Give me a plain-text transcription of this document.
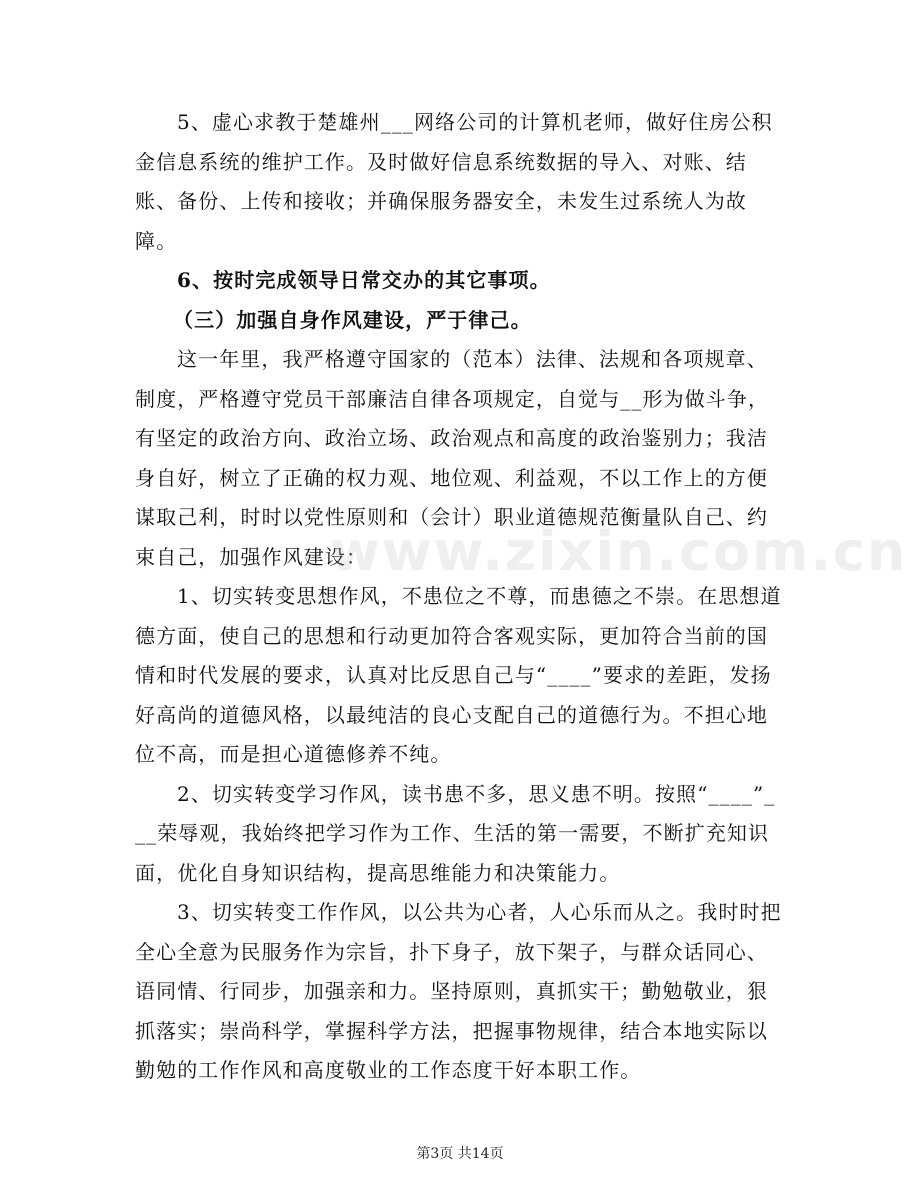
5、虚心求教于楚雄州___网络公司的计算机老师，做好住房公积金信息系统的维护工作。及时做好信息系统数据的导入、对账、结账、备份、上传和接收；并确保服务器安全，未发生过系统人为故障。

6、按时完成领导日常交办的其它事项。

（三）加强自身作风建设，严于律己。

这一年里，我严格遵守国家的（范本）法律、法规和各项规章、制度，严格遵守党员干部廉洁自律各项规定，自觉与__形为做斗争，有坚定的政治方向、政治立场、政治观点和高度的政治鉴别力；我洁身自好，树立了正确的权力观、地位观、利益观，不以工作上的方便谋取己利，时时以党性原则和（会计）职业道德规范衡量队自己、约束自己，加强作风建设：

1、切实转变思想作风，不患位之不尊，而患德之不崇。在思想道德方面，使自己的思想和行动更加符合客观实际，更加符合当前的国情和时代发展的要求，认真对比反思自己与“____”要求的差距，发扬好高尚的道德风格，以最纯洁的良心支配自己的道德行为。不担心地位不高，而是担心道德修养不纯。

2、切实转变学习作风，读书患不多，思义患不明。按照“____”___荣辱观，我始终把学习作为工作、生活的第一需要，不断扩充知识面，优化自身知识结构，提高思维能力和决策能力。

3、切实转变工作作风，以公共为心者，人心乐而从之。我时时把全心全意为民服务作为宗旨，扑下身子，放下架子，与群众话同心、语同情、行同步，加强亲和力。坚持原则，真抓实干；勤勉敬业，狠抓落实；崇尚科学，掌握科学方法，把握事物规律，结合本地实际以勤勉的工作作风和高度敬业的工作态度干好本职工作。

www.zixin.com.cn
第3页 共14页
